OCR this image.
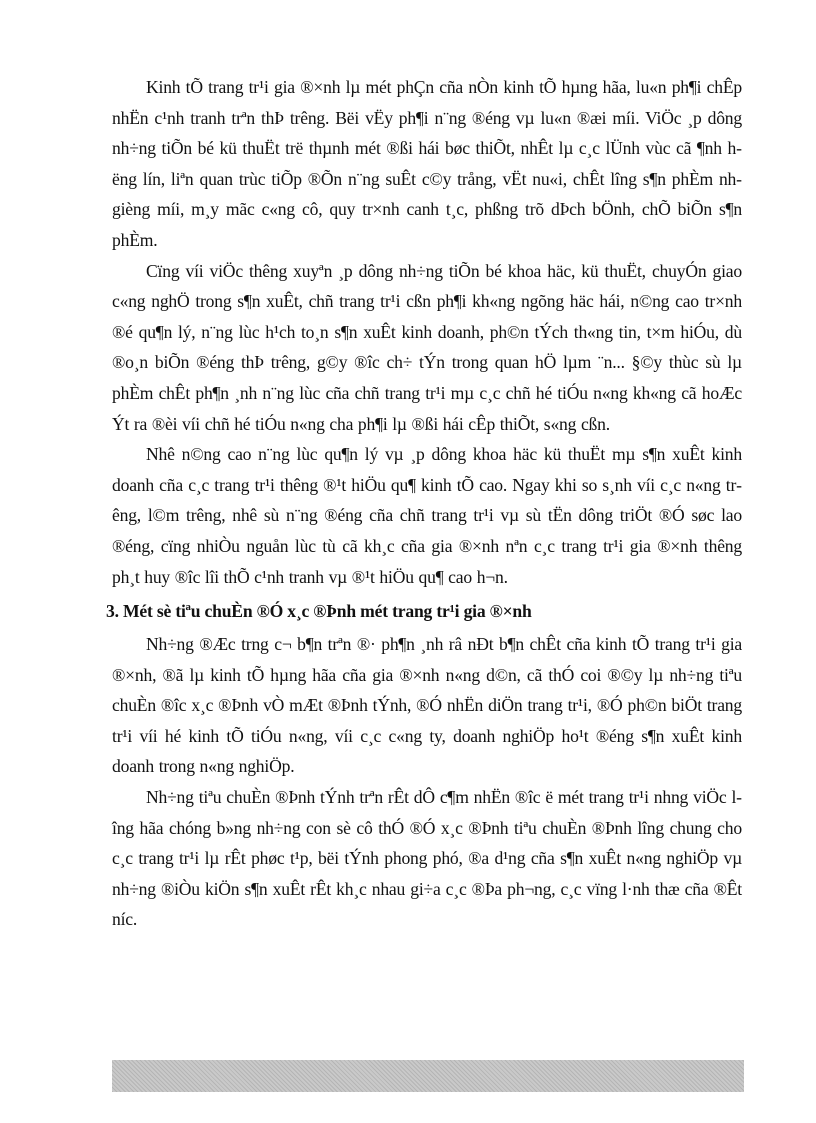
Kinh tÕ trang tr¹i gia ®×nh lµ mét phÇn cña nÒn kinh tÕ hµng hãa, lu«n ph¶i chÊp nhËn c¹nh tranh trªn thÞ trêng. Bëi vËy ph¶i n¨ng ®éng vµ lu«n ®æi míi. ViÖc ¸p dông nh÷ng tiÕn bé kü thuËt trë thµnh mét ®ßi hái bøc thiÕt, nhÊt lµ c¸c lÜnh vùc cã ¶nh hëng lín, liªn quan trùc tiÕp ®Õn n¨ng suÊt c©y trång, vËt nu«i, chÊt lîng s¶n phÈm nh gièng míi, m¸y mãc c«ng cô, quy tr×nh canh t¸c, phßng trõ dÞch bÖnh, chÕ biÕn s¶n phÈm.

Cïng víi viÖc thêng xuyªn ¸p dông nh÷ng tiÕn bé khoa häc, kü thuËt, chuyÓn giao c«ng nghÖ trong s¶n xuÊt, chñ trang tr¹i cßn ph¶i kh«ng ngõng häc hái, n©ng cao tr×nh ®é qu¶n lý, n¨ng lùc h¹ch to¸n s¶n xuÊt kinh doanh, ph©n tÝch th«ng tin, t×m hiÓu, dù ®o¸n biÕn ®éng thÞ trêng, g©y ®îc ch÷ tÝn trong quan hÖ lµm ¨n... §©y thùc sù lµ phÈm chÊt ph¶n ¸nh n¨ng lùc cña chñ trang tr¹i mµ c¸c chñ hé tiÓu n«ng kh«ng cã hoÆc Ýt ra ®èi víi chñ hé tiÓu n«ng cha ph¶i lµ ®ßi hái cÊp thiÕt, s«ng cßn.

Nhê n©ng cao n¨ng lùc qu¶n lý vµ ¸p dông khoa häc kü thuËt mµ s¶n xuÊt kinh doanh cña c¸c trang tr¹i thêng ®¹t hiÖu qu¶ kinh tÕ cao. Ngay khi so s¸nh víi c¸c n«ng trêng, l©m trêng, nhê sù n¨ng ®éng cña chñ trang tr¹i vµ sù tËn dông triÖt ®Ó søc lao ®éng, cïng nhiÒu nguån lùc tù cã kh¸c cña gia ®×nh nªn c¸c trang tr¹i gia ®×nh thêng ph¸t huy ®îc lîi thÕ c¹nh tranh vµ ®¹t hiÖu qu¶ cao h¬n.

3. Mét sè tiªu chuÈn ®Ó x¸c ®Þnh mét trang tr¹i gia ®×nh

Nh÷ng ®Æc trng c¬ b¶n trªn ®· ph¶n ¸nh râ nÐt b¶n chÊt cña kinh tÕ trang tr¹i gia ®×nh, ®ã lµ kinh tÕ hµng hãa cña gia ®×nh n«ng d©n, cã thÓ coi ®©y lµ nh÷ng tiªu chuÈn ®îc x¸c ®Þnh vÒ mÆt ®Þnh tÝnh, ®Ó nhËn diÖn trang tr¹i, ®Ó ph©n biÖt trang tr¹i víi hé kinh tÕ tiÓu n«ng, víi c¸c c«ng ty, doanh nghiÖp ho¹t ®éng s¶n xuÊt kinh doanh trong n«ng nghiÖp.

Nh÷ng tiªu chuÈn ®Þnh tÝnh trªn rÊt dÔ c¶m nhËn ®îc ë mét trang tr¹i nhng viÖc lîng hãa chóng b»ng nh÷ng con sè cô thÓ ®Ó x¸c ®Þnh tiªu chuÈn ®Þnh lîng chung cho c¸c trang tr¹i lµ rÊt phøc t¹p, bëi tÝnh phong phó, ®a d¹ng cña s¶n xuÊt n«ng nghiÖp vµ nh÷ng ®iÒu kiÖn s¶n xuÊt rÊt kh¸c nhau gi÷a c¸c ®Þa ph¬ng, c¸c vïng l·nh thæ cña ®Êt níc.
